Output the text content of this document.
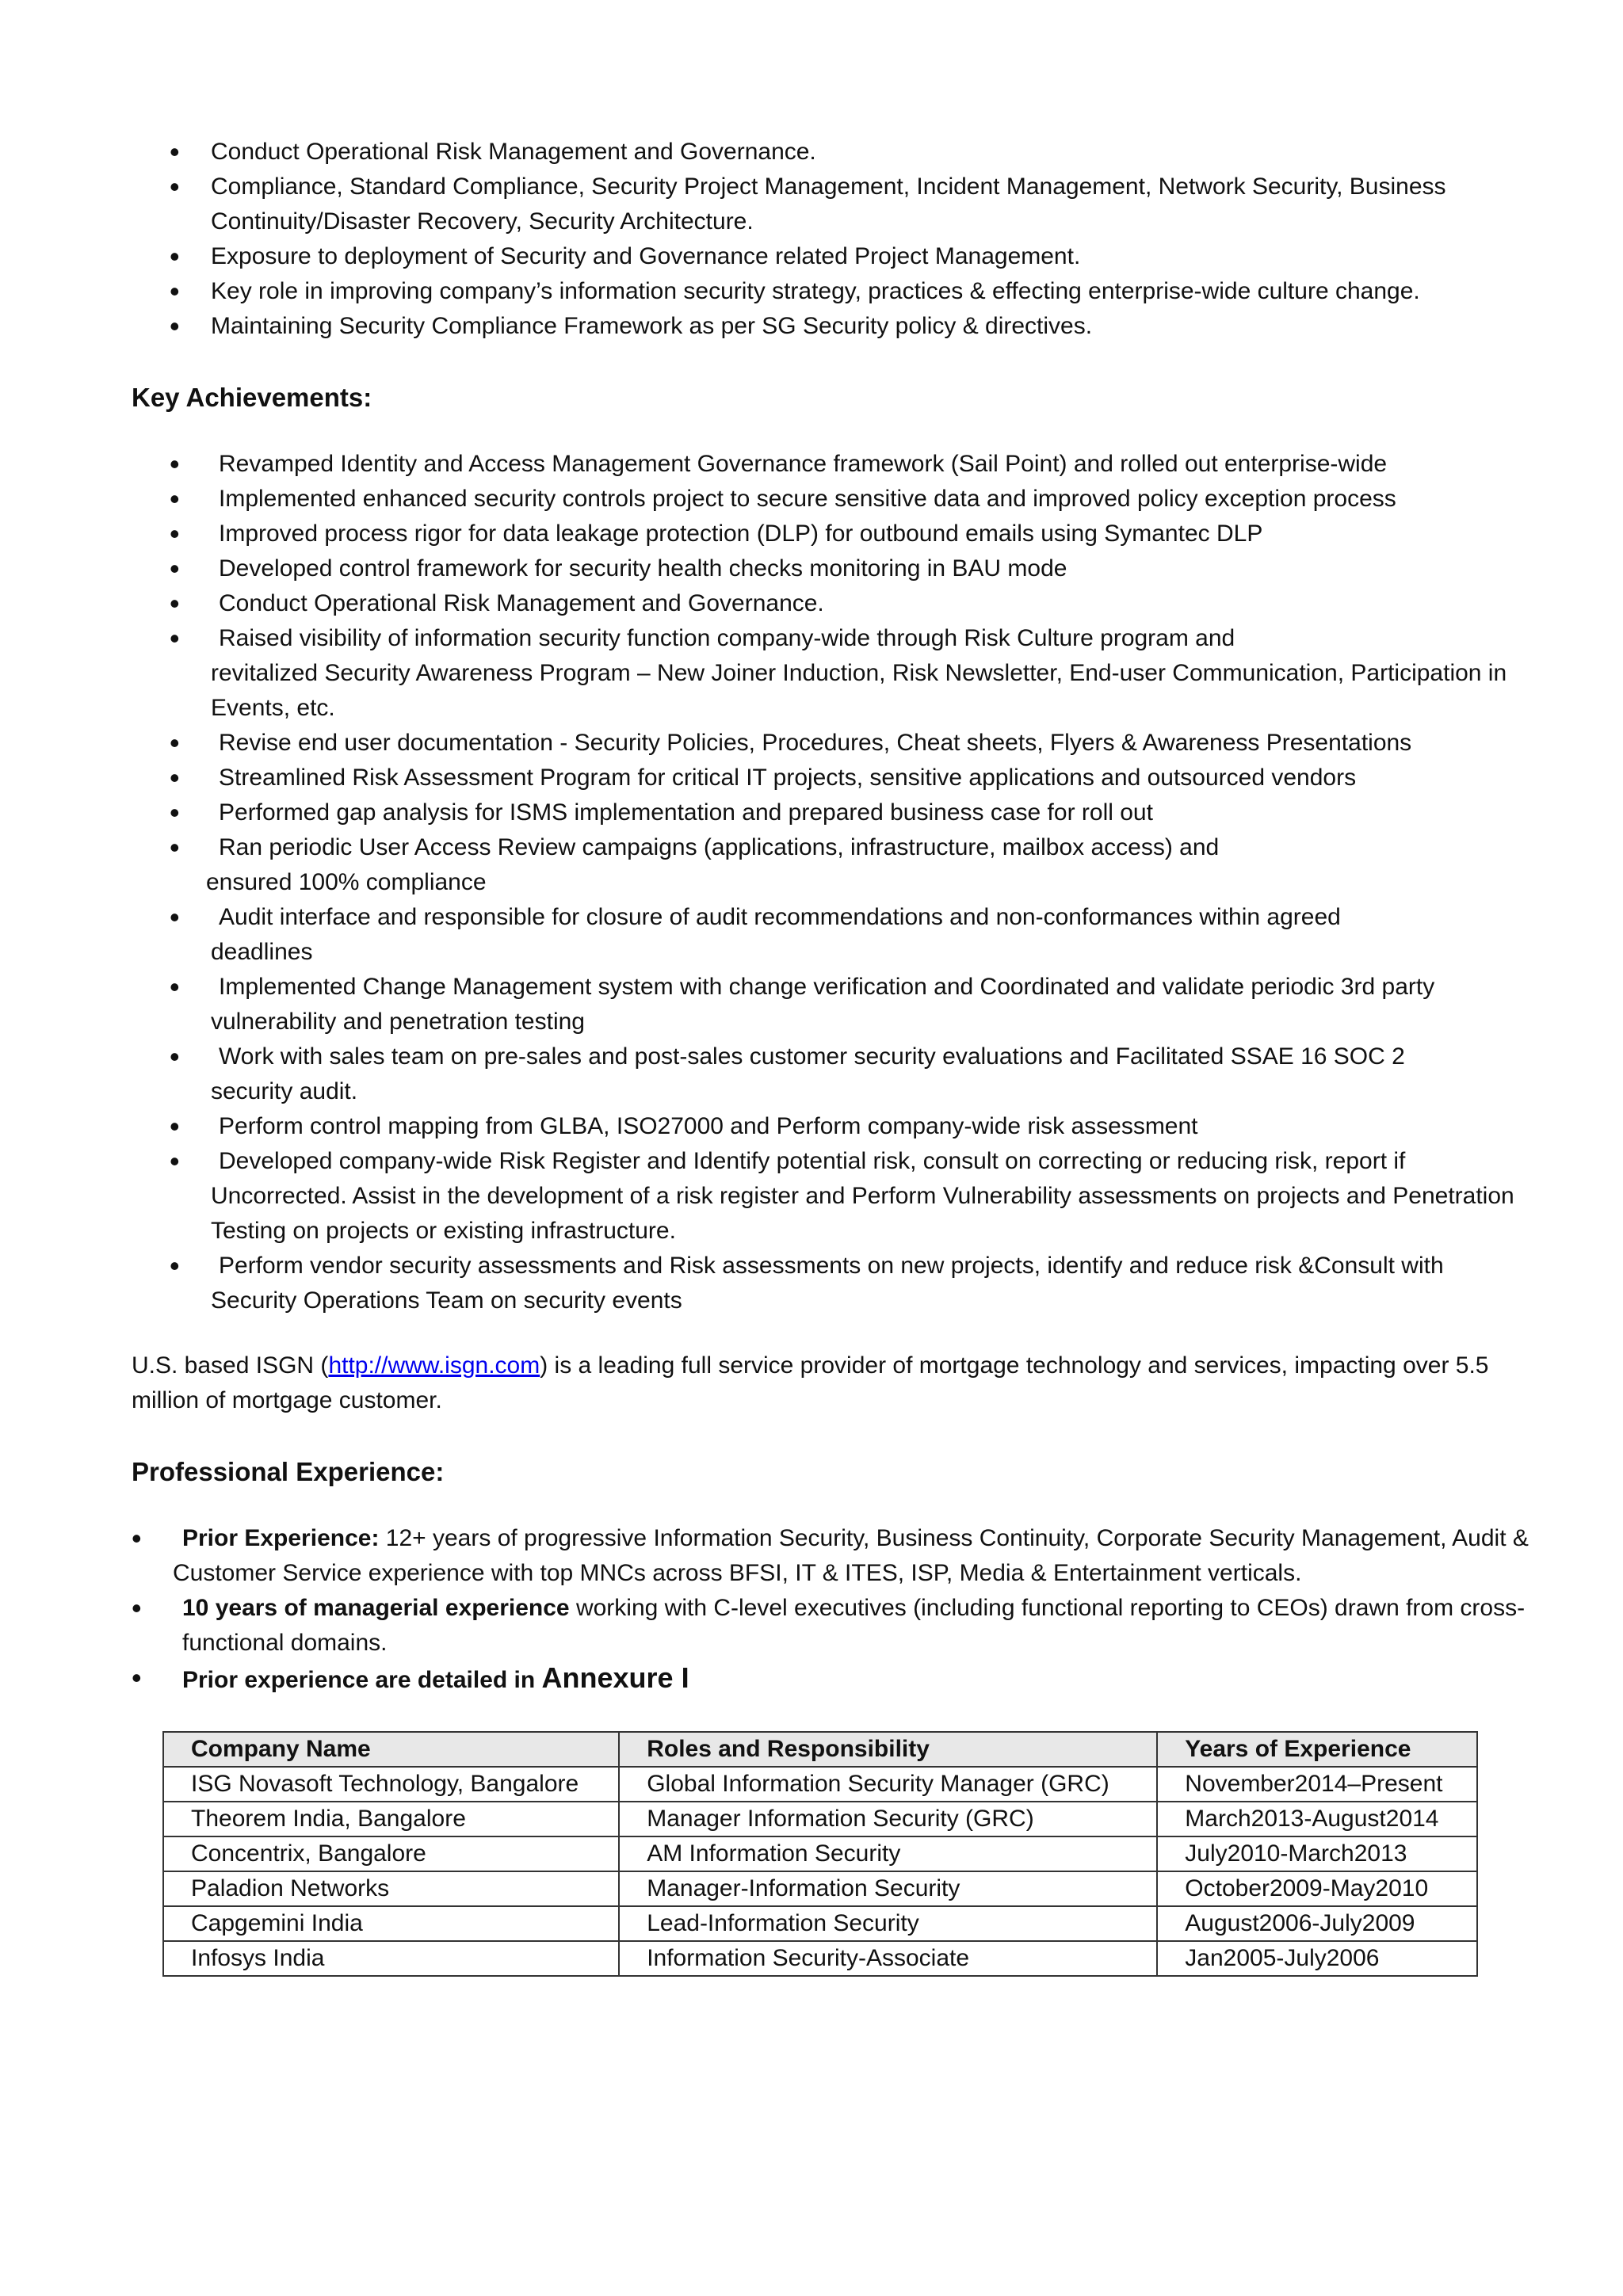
• Conduct Operational Risk Management and Governance.
• Compliance, Standard Compliance, Security Project Management, Incident Management, Network Security, Business Continuity/Disaster Recovery, Security Architecture.
• Exposure to deployment of Security and Governance related Project Management.
• Key role in improving company’s information security strategy, practices & effecting enterprise-wide culture change.
• Maintaining Security Compliance Framework as per SG Security policy & directives.
Key Achievements:
• Revamped Identity and Access Management Governance framework (Sail Point) and rolled out enterprise-wide
• Implemented enhanced security controls project to secure sensitive data and improved policy exception process
• Improved process rigor for data leakage protection (DLP) for outbound emails using Symantec DLP
• Developed control framework for security health checks monitoring in BAU mode
• Conduct Operational Risk Management and Governance.
• Raised visibility of information security function company-wide through Risk Culture program and
revitalized Security Awareness Program – New Joiner Induction, Risk Newsletter, End-user Communication, Participation in Events, etc.
• Revise end user documentation - Security Policies, Procedures, Cheat sheets, Flyers & Awareness Presentations
• Streamlined Risk Assessment Program for critical IT projects, sensitive applications and outsourced vendors
• Performed gap analysis for ISMS implementation and prepared business case for roll out
• Ran periodic User Access Review campaigns (applications, infrastructure, mailbox access) and
ensured 100% compliance
• Audit interface and responsible for closure of audit recommendations and non-conformances within agreed
deadlines
• Implemented Change Management system with change verification and Coordinated and validate periodic 3rd party
vulnerability and penetration testing
• Work with sales team on pre-sales and post-sales customer security evaluations and Facilitated SSAE 16 SOC 2
security audit.
• Perform control mapping from GLBA, ISO27000 and Perform company-wide risk assessment
• Developed company-wide Risk Register and Identify potential risk, consult on correcting or reducing risk, report if
Uncorrected. Assist in the development of a risk register and Perform Vulnerability assessments on projects and Penetration Testing on projects or existing infrastructure.
• Perform vendor security assessments and Risk assessments on new projects, identify and reduce risk &Consult with
Security Operations Team on security events
U.S. based ISGN (http://www.isgn.com) is a leading full service provider of mortgage technology and services, impacting over 5.5 million of mortgage customer.
Professional Experience:
• Prior Experience: 12+ years of progressive Information Security, Business Continuity, Corporate Security Management, Audit & Customer Service experience with top MNCs across BFSI, IT & ITES, ISP, Media & Entertainment verticals.
• 10 years of managerial experience working with C-level executives (including functional reporting to CEOs) drawn from cross-functional domains.
• Prior experience are detailed in Annexure I
Company Name	Roles and Responsibility	Years of Experience
ISG Novasoft Technology, Bangalore	Global Information Security Manager (GRC)	November2014–Present
Theorem India, Bangalore	Manager Information Security (GRC)	March2013-August2014
Concentrix, Bangalore	AM Information Security	July2010-March2013
Paladion Networks	Manager-Information Security	October2009-May2010
Capgemini India	Lead-Information Security	August2006-July2009
Infosys India	Information Security-Associate	Jan2005-July2006
